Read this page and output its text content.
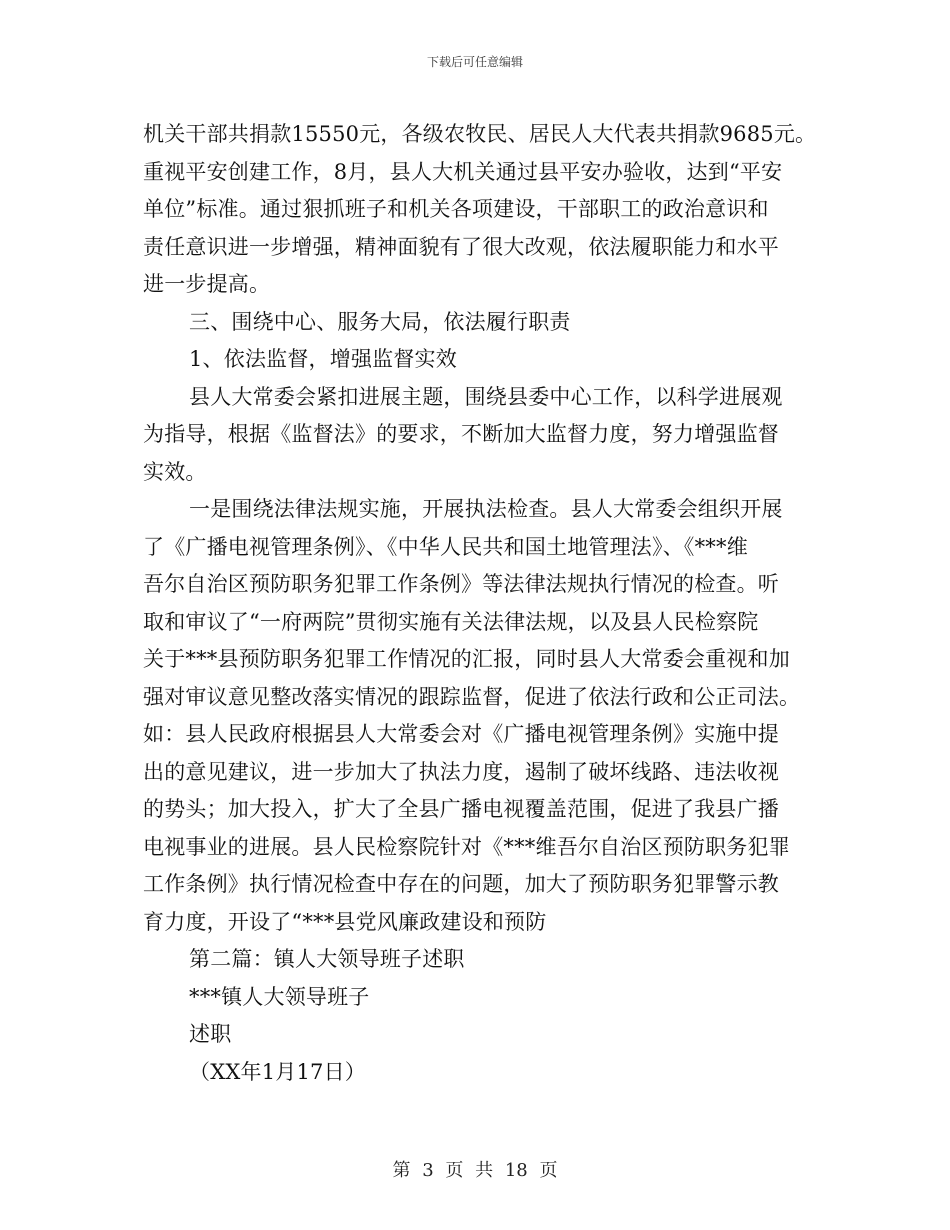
下载后可任意编辑
机关干部共捐款15550元，各级农牧民、居民人大代表共捐款9685元。
重视平安创建工作，8月，县人大机关通过县平安办验收，达到“平安
单位”标准。通过狠抓班子和机关各项建设，干部职工的政治意识和
责任意识进一步增强，精神面貌有了很大改观，依法履职能力和水平
进一步提高。
三、围绕中心、服务大局，依法履行职责
1、依法监督，增强监督实效
县人大常委会紧扣进展主题，围绕县委中心工作，以科学进展观
为指导，根据《监督法》的要求，不断加大监督力度，努力增强监督
实效。
一是围绕法律法规实施，开展执法检查。县人大常委会组织开展
了《广播电视管理条例》、《中华人民共和国土地管理法》、《***维
吾尔自治区预防职务犯罪工作条例》等法律法规执行情况的检查。听
取和审议了“一府两院”贯彻实施有关法律法规，以及县人民检察院
关于***县预防职务犯罪工作情况的汇报，同时县人大常委会重视和加
强对审议意见整改落实情况的跟踪监督，促进了依法行政和公正司法。
如：县人民政府根据县人大常委会对《广播电视管理条例》实施中提
出的意见建议，进一步加大了执法力度，遏制了破坏线路、违法收视
的势头；加大投入，扩大了全县广播电视覆盖范围，促进了我县广播
电视事业的进展。县人民检察院针对《***维吾尔自治区预防职务犯罪
工作条例》执行情况检查中存在的问题，加大了预防职务犯罪警示教
育力度，开设了“***县党风廉政建设和预防
第二篇：镇人大领导班子述职
***镇人大领导班子
述职
（XX年1月17日）
第 3 页 共 18 页
